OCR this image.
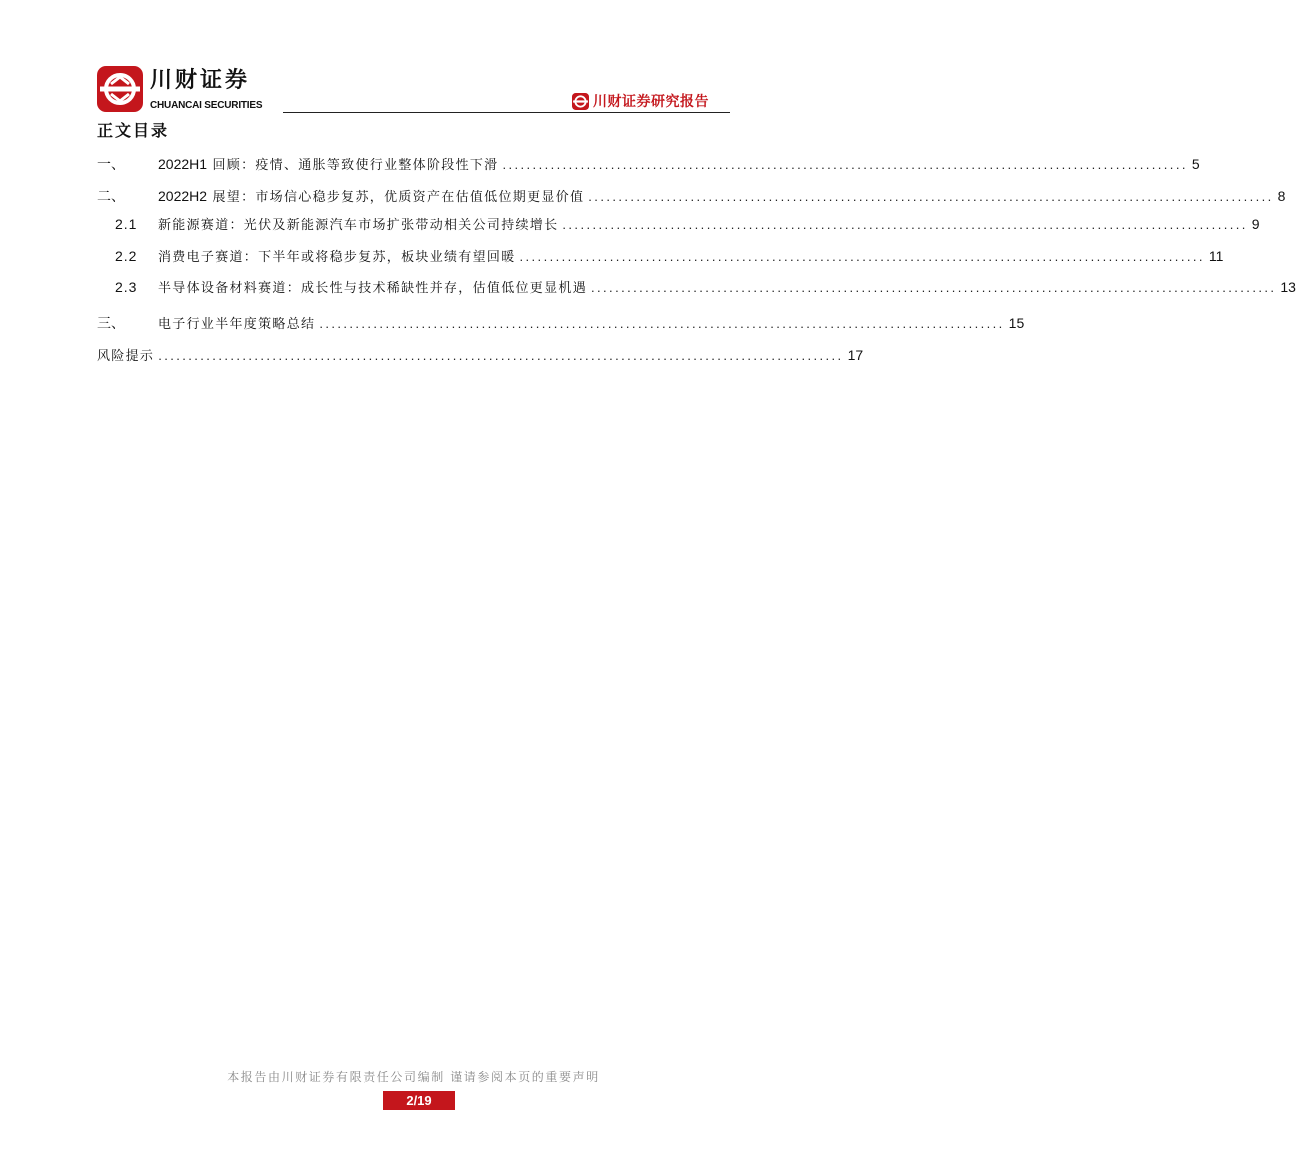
川财证券
CHUANCAI SECURITIES	川财证券研究报告
正文目录
一、	2022H1 回顾：疫情、通胀等致使行业整体阶段性下滑 .................................................................................................................. 5
二、	2022H2 展望：市场信心稳步复苏，优质资产在估值低位期更显价值 .................................................................................................................. 8
2.1	新能源赛道：光伏及新能源汽车市场扩张带动相关公司持续增长 .................................................................................................................. 9
2.2	消费电子赛道：下半年或将稳步复苏，板块业绩有望回暖 .................................................................................................................. 11
2.3	半导体设备材料赛道：成长性与技术稀缺性并存，估值低位更显机遇 .................................................................................................................. 13
三、	电子行业半年度策略总结 .................................................................................................................. 15
风险提示 .................................................................................................................. 17
本报告由川财证券有限责任公司编制 谨请参阅本页的重要声明
2/19
